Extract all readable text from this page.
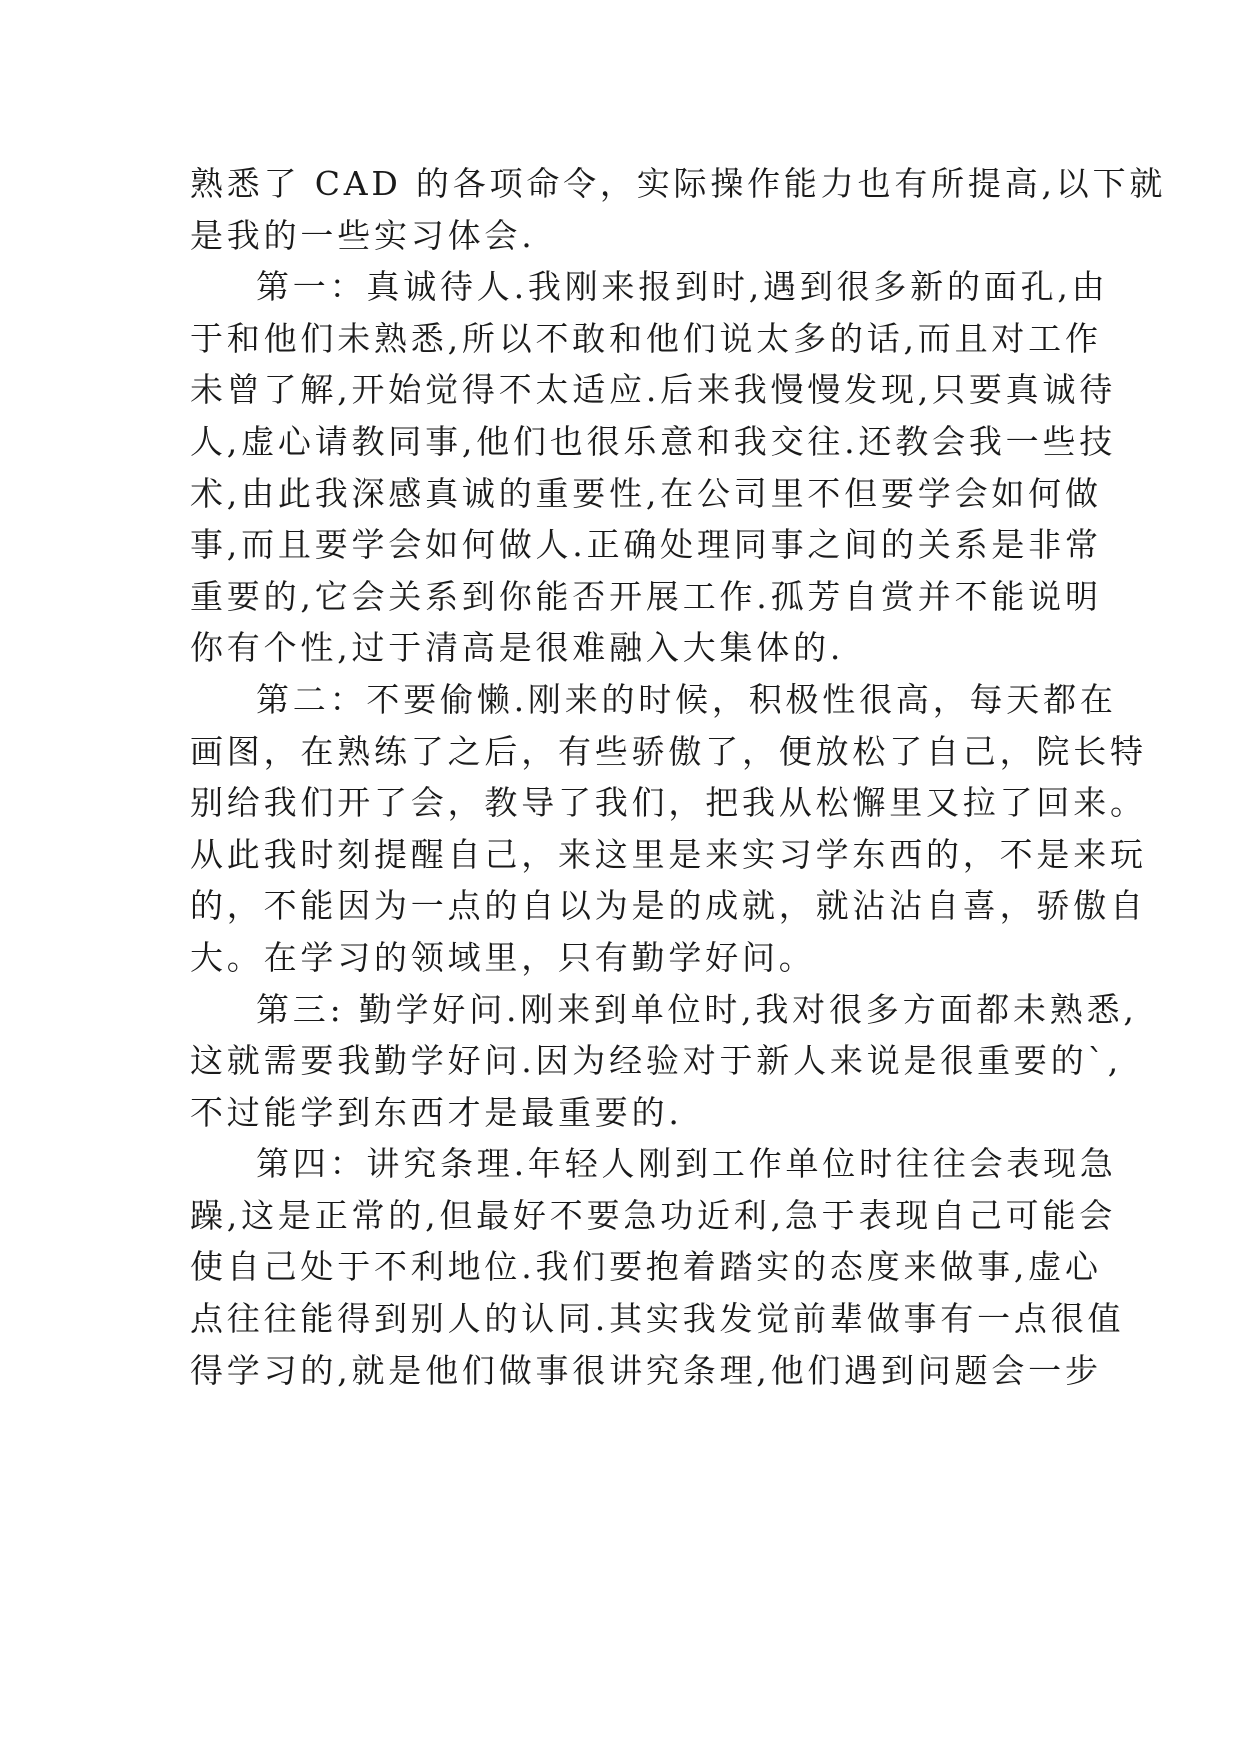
熟悉了 CAD 的各项命令，实际操作能力也有所提高,以下就
是我的一些实习体会.
第一：真诚待人.我刚来报到时,遇到很多新的面孔,由
于和他们未熟悉,所以不敢和他们说太多的话,而且对工作
未曾了解,开始觉得不太适应.后来我慢慢发现,只要真诚待
人,虚心请教同事,他们也很乐意和我交往.还教会我一些技
术,由此我深感真诚的重要性,在公司里不但要学会如何做
事,而且要学会如何做人.正确处理同事之间的关系是非常
重要的,它会关系到你能否开展工作.孤芳自赏并不能说明
你有个性,过于清高是很难融入大集体的.
第二：不要偷懒.刚来的时候，积极性很高，每天都在
画图，在熟练了之后，有些骄傲了，便放松了自己，院长特
别给我们开了会，教导了我们，把我从松懈里又拉了回来。
从此我时刻提醒自己，来这里是来实习学东西的，不是来玩
的，不能因为一点的自以为是的成就，就沾沾自喜，骄傲自
大。在学习的领域里，只有勤学好问。
第三: 勤学好问.刚来到单位时,我对很多方面都未熟悉,
这就需要我勤学好问.因为经验对于新人来说是很重要的`,
不过能学到东西才是最重要的.
第四：讲究条理.年轻人刚到工作单位时往往会表现急
躁,这是正常的,但最好不要急功近利,急于表现自己可能会
使自己处于不利地位.我们要抱着踏实的态度来做事,虚心
点往往能得到别人的认同.其实我发觉前辈做事有一点很值
得学习的,就是他们做事很讲究条理,他们遇到问题会一步
